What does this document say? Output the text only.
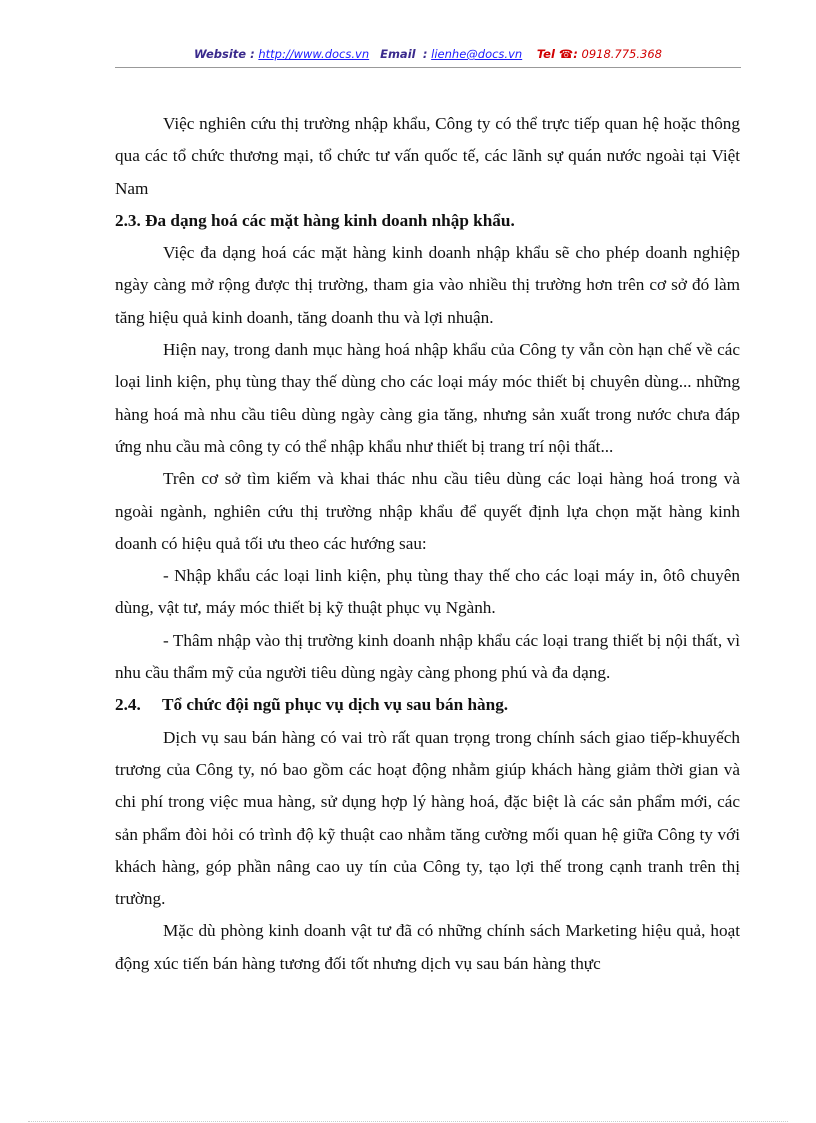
Website : http://www.docs.vn Email : lienhe@docs.vn Tel ☎: 0918.775.368

Việc nghiên cứu thị trường nhập khẩu, Công ty có thể trực tiếp quan hệ hoặc thông qua các tổ chức thương mại, tổ chức tư vấn quốc tế, các lãnh sự quán nước ngoài tại Việt Nam

2.3. Đa dạng hoá các mặt hàng kinh doanh nhập khẩu.

Việc đa dạng hoá các mặt hàng kinh doanh nhập khẩu sẽ cho phép doanh nghiệp ngày càng mở rộng được thị trường, tham gia vào nhiều thị trường hơn trên cơ sở đó làm tăng hiệu quả kinh doanh, tăng doanh thu và lợi nhuận.

Hiện nay, trong danh mục hàng hoá nhập khẩu của Công ty vẫn còn hạn chế về các loại linh kiện, phụ tùng thay thế dùng cho các loại máy móc thiết bị chuyên dùng... những hàng hoá mà nhu cầu tiêu dùng ngày càng gia tăng, nhưng sản xuất trong nước chưa đáp ứng nhu cầu mà công ty có thể nhập khẩu như thiết bị trang trí nội thất...

Trên cơ sở tìm kiếm và khai thác nhu cầu tiêu dùng các loại hàng hoá trong và ngoài ngành, nghiên cứu thị trường nhập khẩu để quyết định lựa chọn mặt hàng kinh doanh có hiệu quả tối ưu theo các hướng sau:

- Nhập khẩu các loại linh kiện, phụ tùng thay thế cho các loại máy in, ôtô chuyên dùng, vật tư, máy móc thiết bị kỹ thuật phục vụ Ngành.

- Thâm nhập vào thị trường kinh doanh nhập khẩu các loại trang thiết bị nội thất, vì nhu cầu thẩm mỹ của người tiêu dùng ngày càng phong phú và đa dạng.

2.4. Tổ chức đội ngũ phục vụ dịch vụ sau bán hàng.

Dịch vụ sau bán hàng có vai trò rất quan trọng trong chính sách giao tiếp-khuyếch trương của Công ty, nó bao gồm các hoạt động nhằm giúp khách hàng giảm thời gian và chi phí trong việc mua hàng, sử dụng hợp lý hàng hoá, đặc biệt là các sản phẩm mới, các sản phẩm đòi hỏi có trình độ kỹ thuật cao nhằm tăng cường mối quan hệ giữa Công ty với khách hàng, góp phần nâng cao uy tín của Công ty, tạo lợi thế trong cạnh tranh trên thị trường.

Mặc dù phòng kinh doanh vật tư đã có những chính sách Marketing hiệu quả, hoạt động xúc tiến bán hàng tương đối tốt nhưng dịch vụ sau bán hàng thực
